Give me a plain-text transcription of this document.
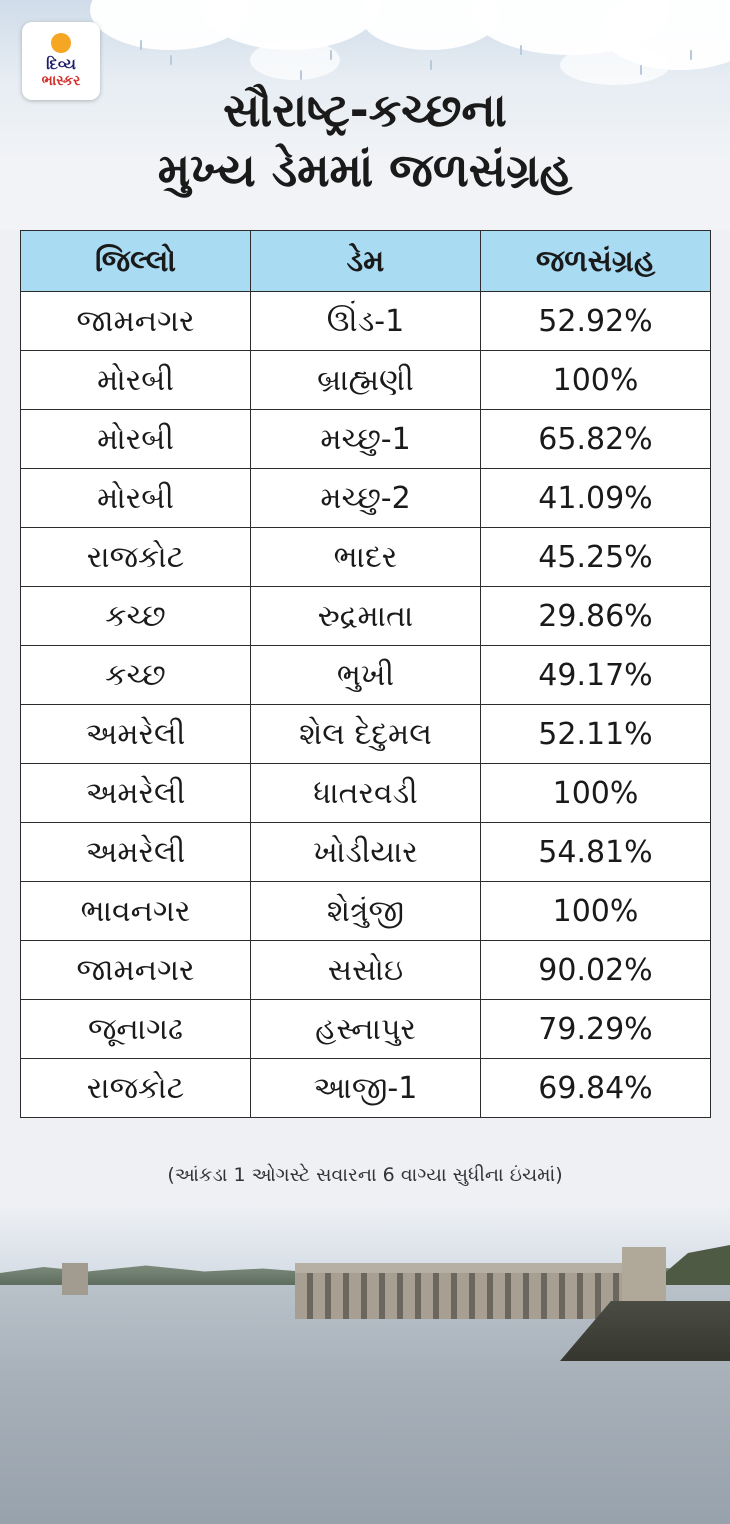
દિવ્ય
ભાસ્કર
સૌરાષ્ટ્ર-કચ્છના
મુખ્ય ડેમમાં જળસંગ્રહ
જિલ્લો	ડેમ	જળસંગ્રહ
જામનગર	ઊંડ-1	52.92%
મોરબી	બ્રાહ્મણી	100%
મોરબી	મચ્છુ-1	65.82%
મોરબી	મચ્છુ-2	41.09%
રાજકોટ	ભાદર	45.25%
કચ્છ	રુદ્રમાતા	29.86%
કચ્છ	ભુખી	49.17%
અમરેલી	શેલ દેદુમલ	52.11%
અમરેલી	ધાતરવડી	100%
અમરેલી	ખોડીયાર	54.81%
ભાવનગર	શેત્રુંજી	100%
જામનગર	સસોઇ	90.02%
જૂનાગઢ	હસ્નાપુર	79.29%
રાજકોટ	આજી-1	69.84%
(આંકડા 1 ઓગસ્ટે સવારના 6 વાગ્યા સુધીના ઇંચમાં)
